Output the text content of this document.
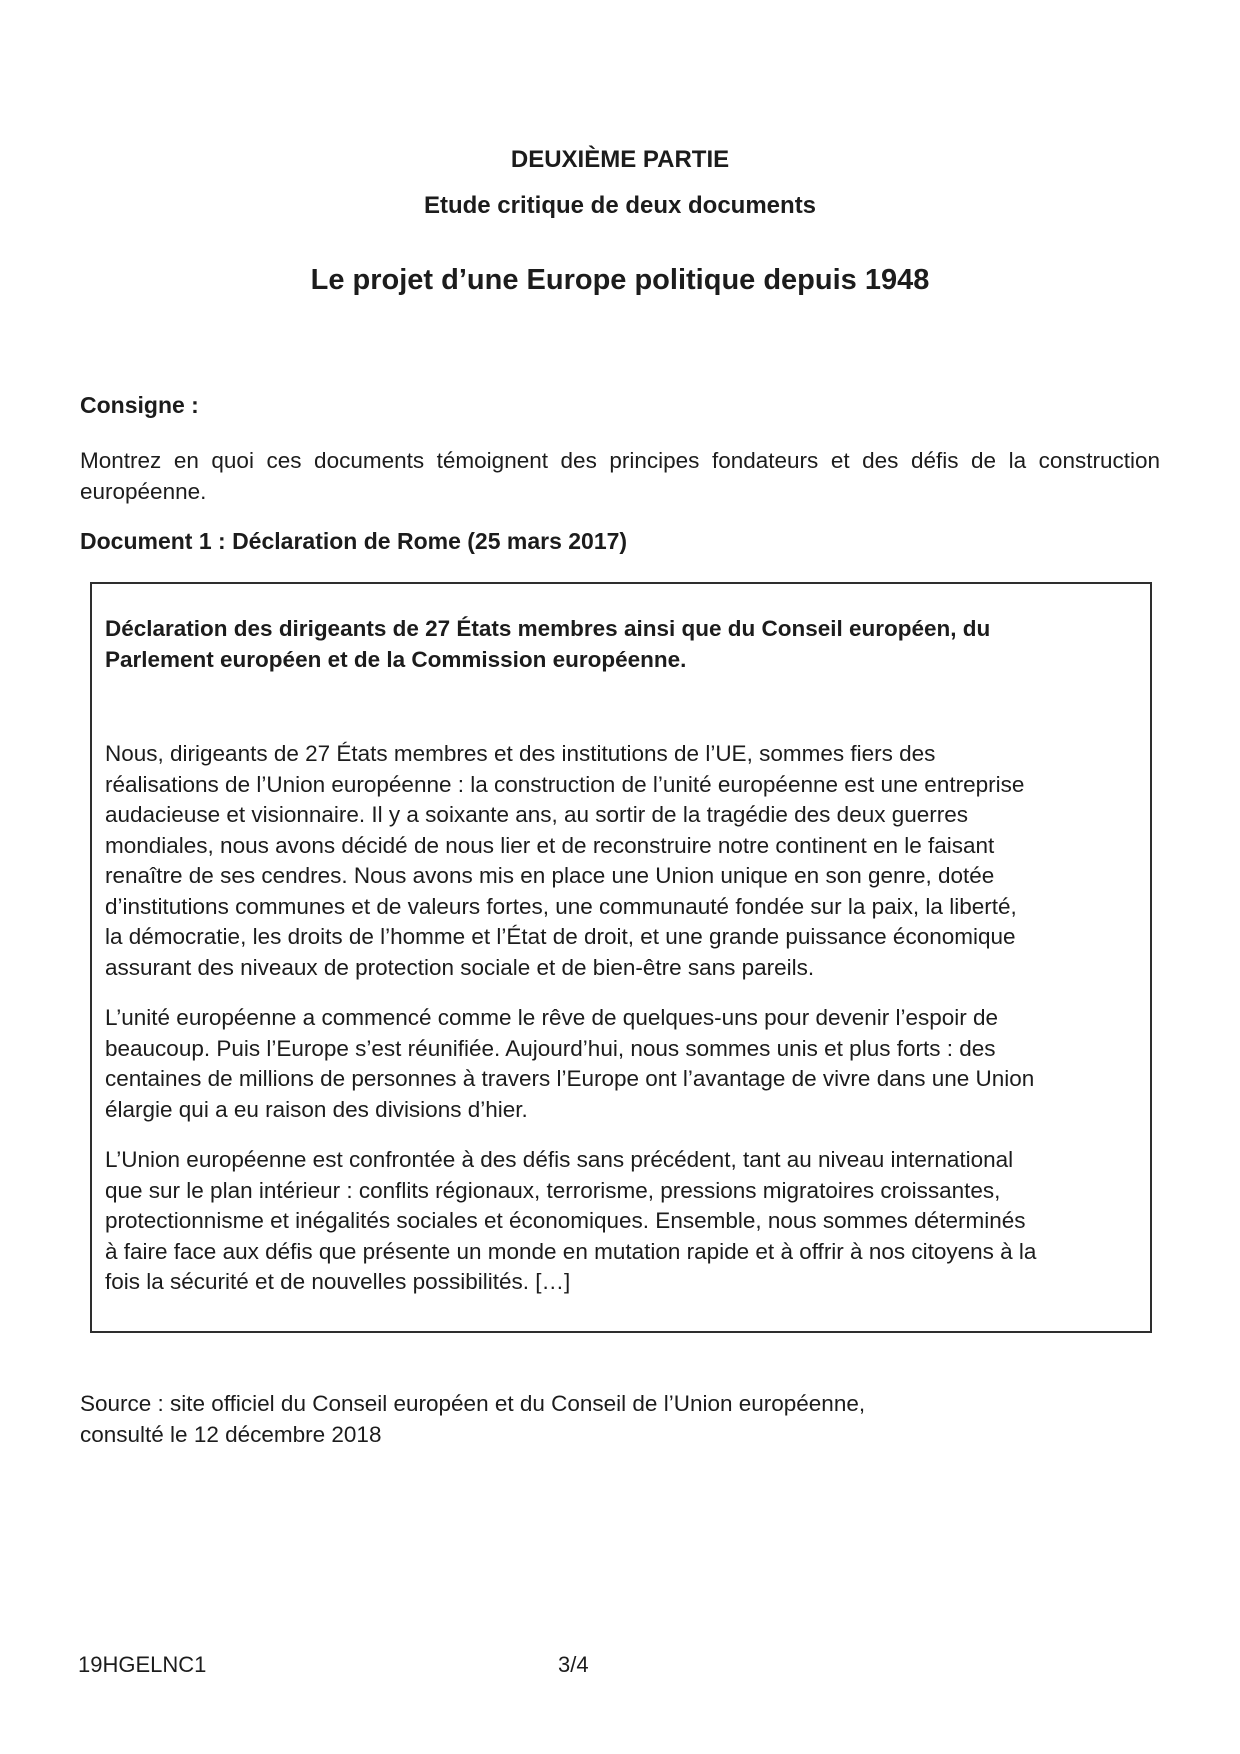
DEUXIÈME PARTIE
Etude critique de deux documents
Le projet d’une Europe politique depuis 1948
Consigne :
Montrez en quoi ces documents témoignent des principes fondateurs et des défis de la construction européenne.
Document 1 : Déclaration de Rome (25 mars 2017)
Déclaration des dirigeants de 27 États membres ainsi que du Conseil européen, du
Parlement européen et de la Commission européenne.
Nous, dirigeants de 27 États membres et des institutions de l’UE, sommes fiers des
réalisations de l’Union européenne : la construction de l’unité européenne est une entreprise
audacieuse et visionnaire. Il y a soixante ans, au sortir de la tragédie des deux guerres
mondiales, nous avons décidé de nous lier et de reconstruire notre continent en le faisant
renaître de ses cendres. Nous avons mis en place une Union unique en son genre, dotée
d’institutions communes et de valeurs fortes, une communauté fondée sur la paix, la liberté,
la démocratie, les droits de l’homme et l’État de droit, et une grande puissance économique
assurant des niveaux de protection sociale et de bien-être sans pareils.
L’unité européenne a commencé comme le rêve de quelques-uns pour devenir l’espoir de
beaucoup. Puis l’Europe s’est réunifiée. Aujourd’hui, nous sommes unis et plus forts : des
centaines de millions de personnes à travers l’Europe ont l’avantage de vivre dans une Union
élargie qui a eu raison des divisions d’hier.
L’Union européenne est confrontée à des défis sans précédent, tant au niveau international
que sur le plan intérieur : conflits régionaux, terrorisme, pressions migratoires croissantes,
protectionnisme et inégalités sociales et économiques. Ensemble, nous sommes déterminés
à faire face aux défis que présente un monde en mutation rapide et à offrir à nos citoyens à la
fois la sécurité et de nouvelles possibilités. […]
Source : site officiel du Conseil européen et du Conseil de l’Union européenne,
consulté le 12 décembre 2018
19HGELNC1	3/4
